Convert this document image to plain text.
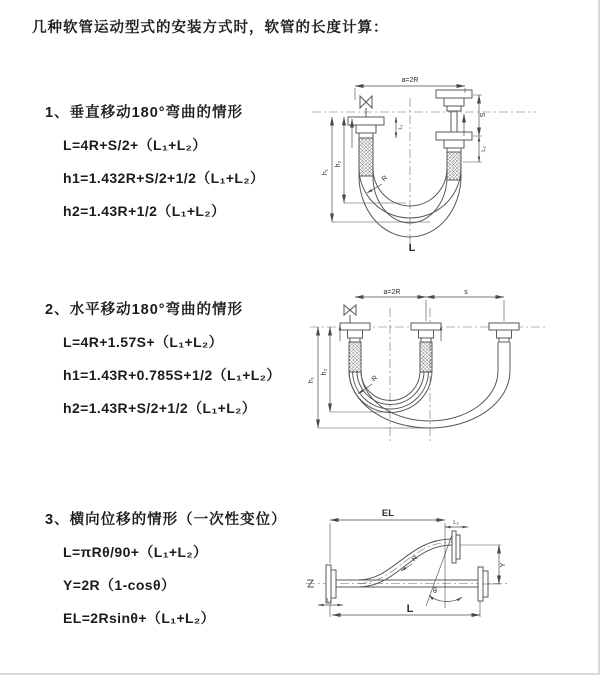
几种软管运动型式的安装方式时，软管的长度计算：
1、垂直移动180°弯曲的情形
L=4R+S/2+（L₁+L₂）
h1=1.432R+S/2+1/2（L₁+L₂）
h2=1.43R+1/2（L₁+L₂）
2、水平移动180°弯曲的情形
L=4R+1.57S+（L₁+L₂）
h1=1.43R+0.785S+1/2（L₁+L₂）
h2=1.43R+S/2+1/2（L₁+L₂）
3、横向位移的情形（一次性变位）
L=πRθ/90+（L₁+L₂）
Y=2R（1-cosθ）
EL=2Rsinθ+（L₁+L₂）
a=2R
h₁
h₂
L₁
S
L₂
R
L
a=2R	s
h₁
h₂
R
θ
EL
L₂
Y
L₁
L
R
